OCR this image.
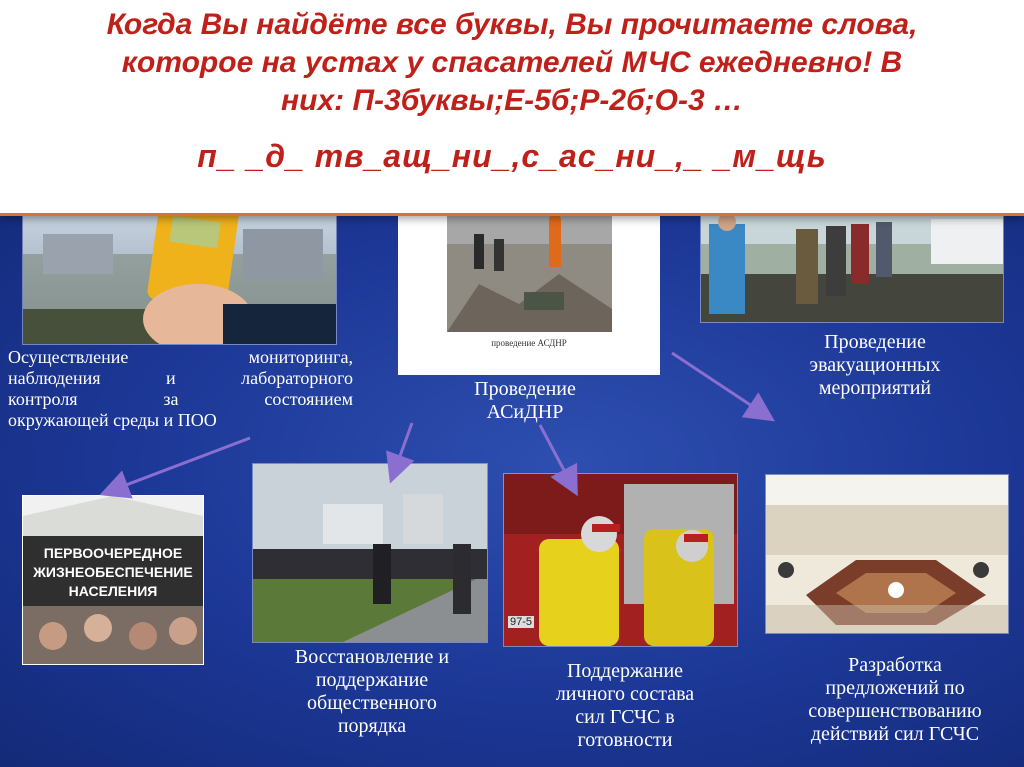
Когда Вы найдёте все буквы, Вы прочитаете слова,
которое на устах у спасателей МЧС ежедневно! В
них: П-3буквы;Е-5б;Р-2б;О-3 …
п_ _д_ тв_ащ_ни_,с_ас_ни_,_ _м_щь
проведение АСДНР
ПЕРВООЧЕРЕДНОЕ
ЖИЗНЕОБЕСПЕЧЕНИЕ
НАСЕЛЕНИЯ
97-5
Осуществление мониторинга,
наблюдения и лабораторного
контроля за состоянием
окружающей среды и ПОО
Проведение
АСиДНР
Проведение
эвакуационных
мероприятий
Восстановление и
поддержание
общественного
порядка
Поддержание
личного состава
сил ГСЧС в
готовности
Разработка
предложений по
совершенствованию
действий сил ГСЧС
